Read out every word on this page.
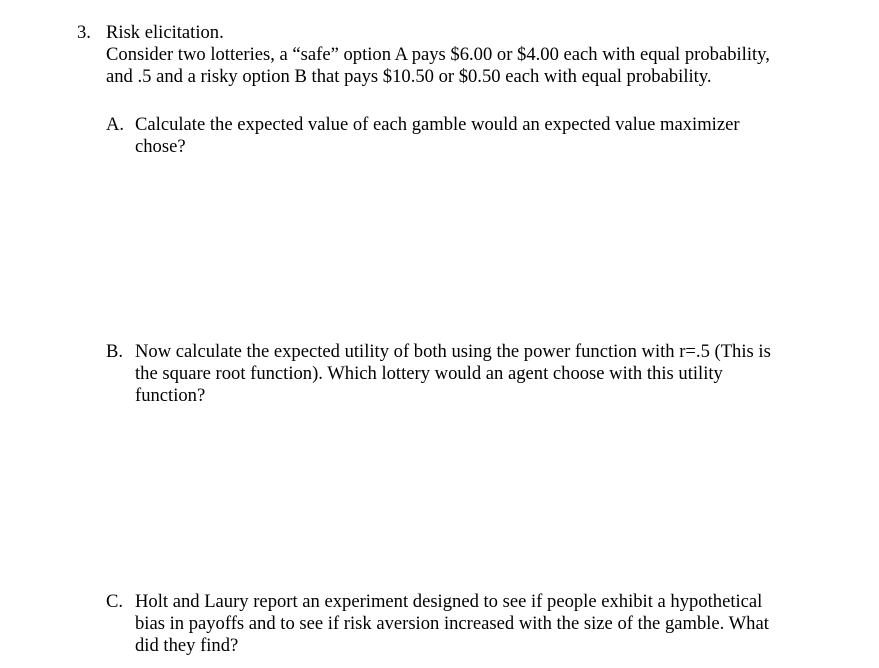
3. Risk elicitation.
Consider two lotteries, a “safe” option A pays $6.00 or $4.00 each with equal probability,
and .5 and a risky option B that pays $10.50 or $0.50 each with equal probability.
A. Calculate the expected value of each gamble would an expected value maximizer
chose?
B. Now calculate the expected utility of both using the power function with r=.5 (This is
the square root function). Which lottery would an agent choose with this utility
function?
C. Holt and Laury report an experiment designed to see if people exhibit a hypothetical
bias in payoffs and to see if risk aversion increased with the size of the gamble. What
did they find?
